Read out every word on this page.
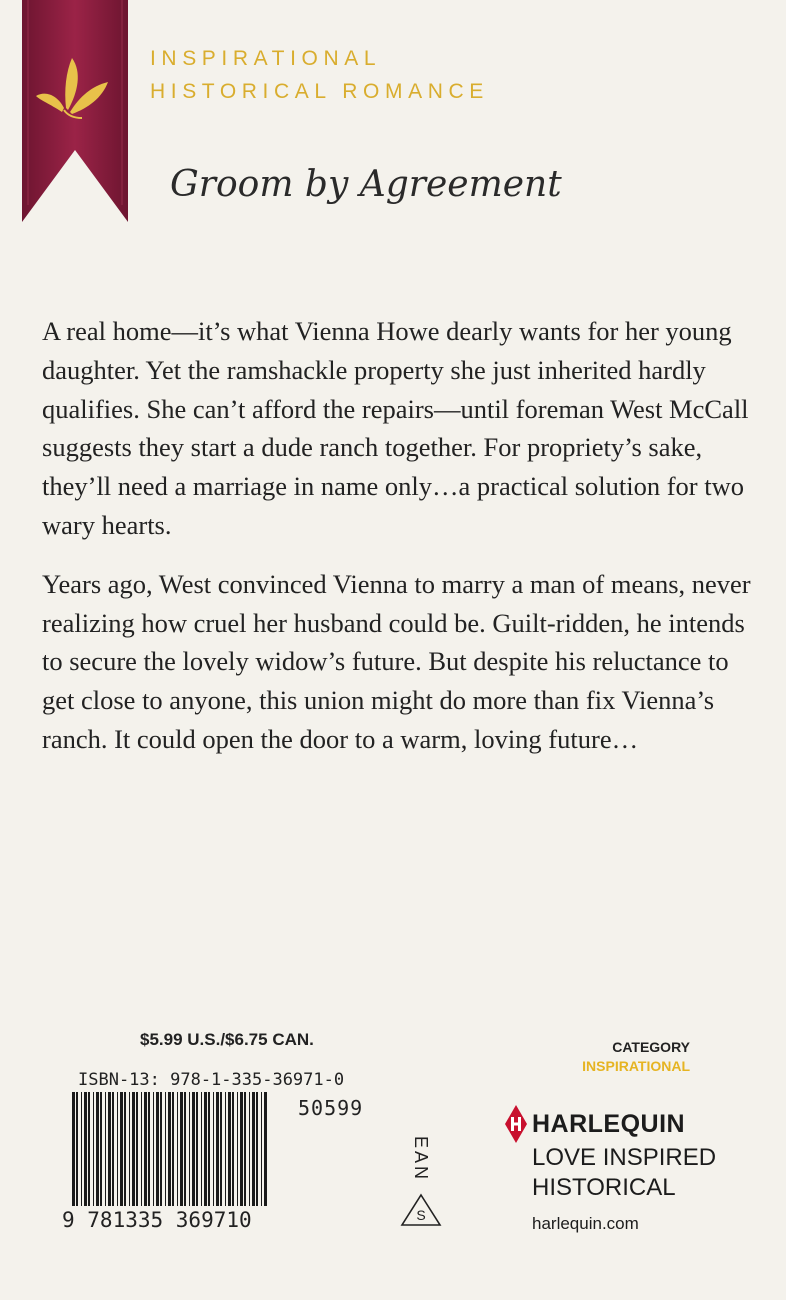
INSPIRATIONAL
HISTORICAL ROMANCE
Groom by Agreement

A real home—it’s what Vienna Howe dearly wants for her young daughter. Yet the ramshackle property she just inherited hardly qualifies. She can’t afford the repairs—until foreman West McCall suggests they start a dude ranch together. For propriety’s sake, they’ll need a marriage in name only…a practical solution for two wary hearts.

Years ago, West convinced Vienna to marry a man of means, never realizing how cruel her husband could be. Guilt-ridden, he intends to secure the lovely widow’s future. But despite his reluctance to get close to anyone, this union might do more than fix Vienna’s ranch. It could open the door to a warm, loving future…

$5.99 U.S./$6.75 CAN.
ISBN-13: 978-1-335-36971-0
50599
9 781335 369710
EAN
S
CATEGORY
INSPIRATIONAL
HARLEQUIN
LOVE INSPIRED
HISTORICAL
harlequin.com
